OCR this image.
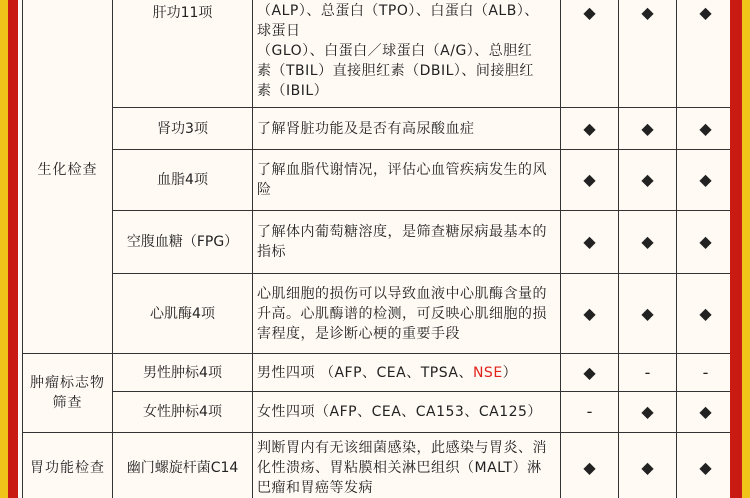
生化检查	肝功11项	（ALP）、总蛋白（TPO）、白蛋白（ALB）、
球蛋日
（GLO）、白蛋白／球蛋白（A/G）、总胆红
素（TBIL）直接胆红素（DBIL）、间接胆红
素（IBIL）	◆	◆	◆
	肾功3项	了解肾脏功能及是否有高尿酸血症	◆	◆	◆
	血脂4项	了解血脂代谢情况，评估心血管疾病发生的风险	◆	◆	◆
	空腹血糖（FPG）	了解体内葡萄糖溶度，是筛查糖尿病最基本的指标	◆	◆	◆
	心肌酶4项	心肌细胞的损伤可以导致血液中心肌酶含量的升高。心肌酶谱的检测，可反映心肌细胞的损害程度，是诊断心梗的重要手段	◆	◆	◆
肿瘤标志物筛查	男性肿标4项	男性四项 （AFP、CEA、TPSA、NSE）	◆	-	-
	女性肿标4项	女性四项（AFP、CEA、CA153、CA125）	-	◆	◆
胃功能检查	幽门螺旋杆菌C14	判断胃内有无该细菌感染，此感染与胃炎、消化性溃疡、胃粘膜相关淋巴组织（MALT）淋巴瘤和胃癌等发病	◆	◆	◆
